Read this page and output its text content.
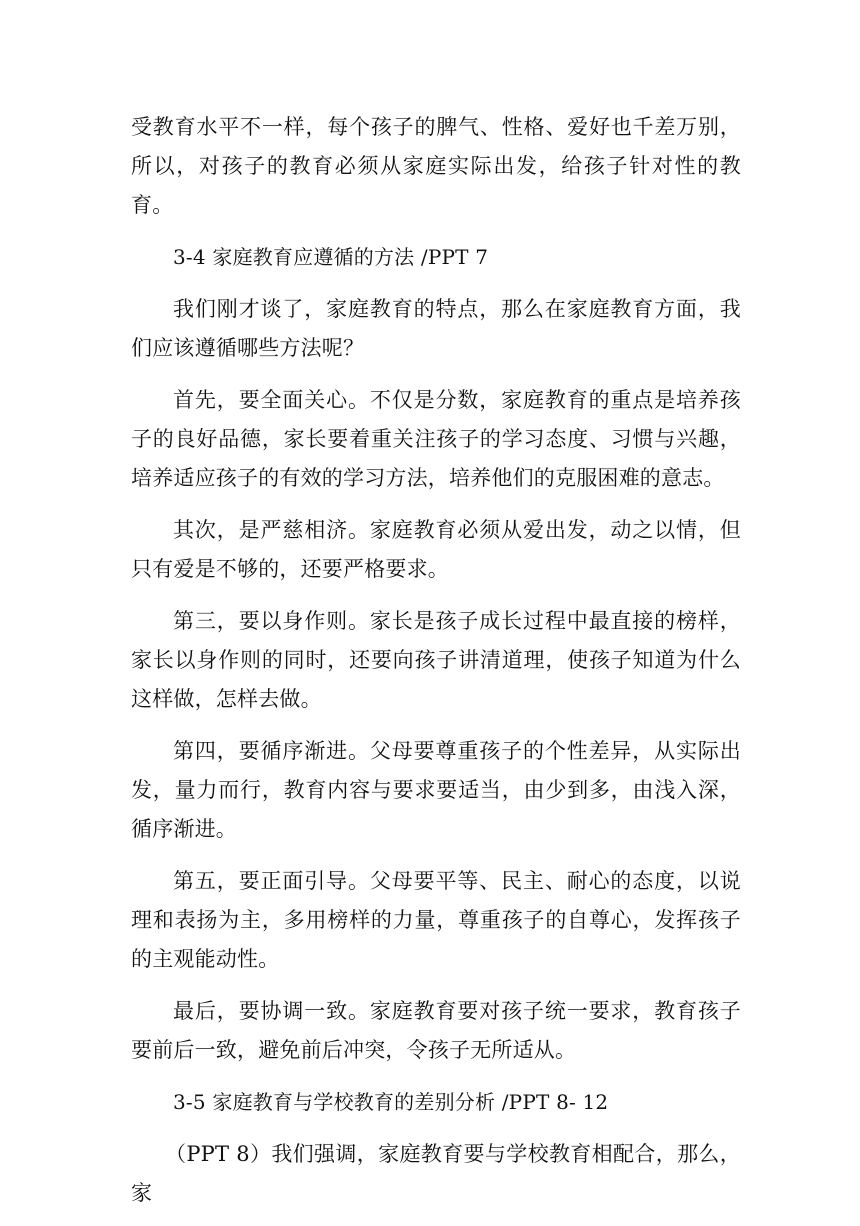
受教育水平不一样，每个孩子的脾气、性格、爱好也千差万别，所以，对孩子的教育必须从家庭实际出发，给孩子针对性的教育。

3-4 家庭教育应遵循的方法 /PPT 7

我们刚才谈了，家庭教育的特点，那么在家庭教育方面，我们应该遵循哪些方法呢？

首先，要全面关心。不仅是分数，家庭教育的重点是培养孩子的良好品德，家长要着重关注孩子的学习态度、习惯与兴趣，培养适应孩子的有效的学习方法，培养他们的克服困难的意志。

其次，是严慈相济。家庭教育必须从爱出发，动之以情，但只有爱是不够的，还要严格要求。

第三，要以身作则。家长是孩子成长过程中最直接的榜样，家长以身作则的同时，还要向孩子讲清道理，使孩子知道为什么这样做，怎样去做。

第四，要循序渐进。父母要尊重孩子的个性差异，从实际出发，量力而行，教育内容与要求要适当，由少到多，由浅入深，循序渐进。

第五，要正面引导。父母要平等、民主、耐心的态度，以说理和表扬为主，多用榜样的力量，尊重孩子的自尊心，发挥孩子的主观能动性。

最后，要协调一致。家庭教育要对孩子统一要求，教育孩子要前后一致，避免前后冲突，令孩子无所适从。

3-5 家庭教育与学校教育的差别分析 /PPT 8- 12

（PPT 8）我们强调，家庭教育要与学校教育相配合，那么，家
